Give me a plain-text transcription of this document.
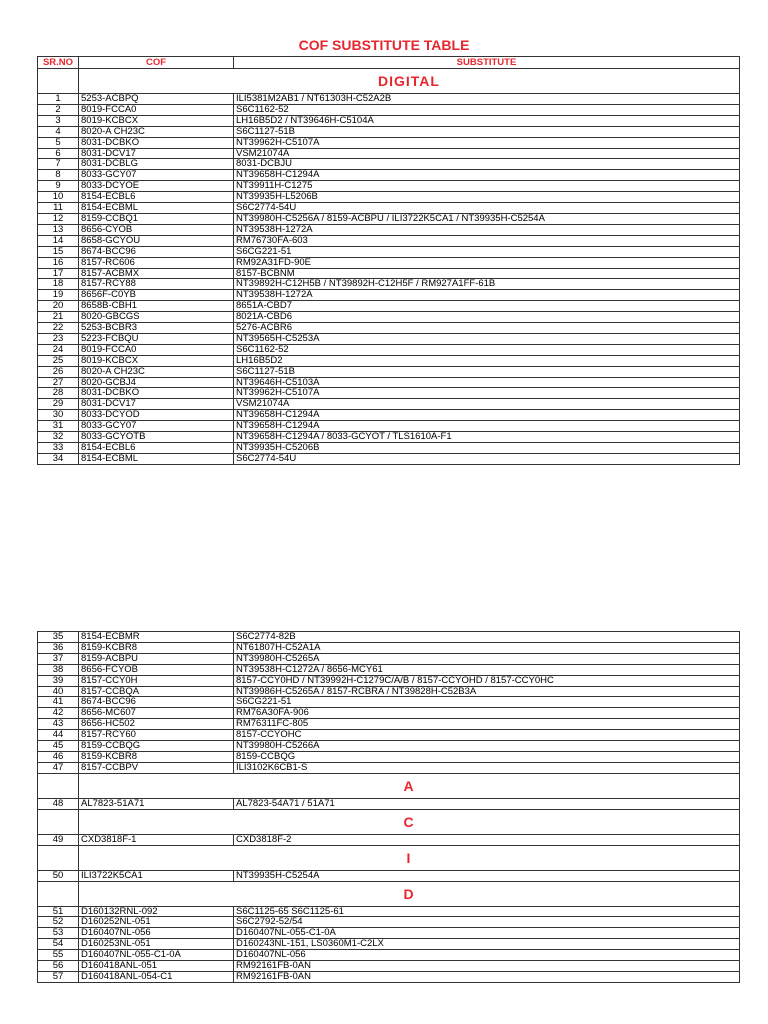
COF SUBSTITUTE TABLE
SR.NO	COF	SUBSTITUTE
	DIGITAL	
1	5253-ACBPQ	ILI5381M2AB1 / NT61303H-C52A2B
2	8019-FCCA0	S6C1162-52
3	8019-KCBCX	LH16B5D2 / NT39646H-C5104A
4	8020-A CH23C	S6C1127-51B
5	8031-DCBKO	NT39962H-C5107A
6	8031-DCV17	VSM21074A
7	8031-DCBLG	8031-DCBJU
8	8033-GCY07	NT39658H-C1294A
9	8033-DCYOE	NT39911H-C1275
10	8154-ECBL6	NT39935H-L5206B
11	8154-ECBML	S6C2774-54U
12	8159-CCBQ1	NT39980H-C5256A / 8159-ACBPU / ILI3722K5CA1 / NT39935H-C5254A
13	8656-CYOB	NT39538H-1272A
14	8658-GCYOU	RM76730FA-603
15	8674-BCC96	S6CG221-51
16	8157-RC606	RM92A31FD-90E
17	8157-ACBMX	8157-BCBNM
18	8157-RCY88	NT39892H-C12H5B / NT39892H-C12H5F / RM927A1FF-61B
19	8656F-C0YB	NT39538H-1272A
20	8658B-CBH1	8651A-CBD7
21	8020-GBCGS	8021A-CBD6
22	5253-BCBR3	5276-ACBR6
23	5223-FCBQU	NT39565H-C5253A
24	8019-FCCA0	S6C1162-52
25	8019-KCBCX	LH16B5D2
26	8020-A CH23C	S6C1127-51B
27	8020-GCBJ4	NT39646H-C5103A
28	8031-DCBKO	NT39962H-C5107A
29	8031-DCV17	VSM21074A
30	8033-DCYOD	NT39658H-C1294A
31	8033-GCY07	NT39658H-C1294A
32	8033-GCYOTB	NT39658H-C1294A / 8033-GCYOT / TLS1610A-F1
33	8154-ECBL6	NT39935H-C5206B
34	8154-ECBML	S6C2774-54U
35	8154-ECBMR	S6C2774-82B
36	8159-KCBR8	NT61807H-C52A1A
37	8159-ACBPU	NT39980H-C5265A
38	8656-FCYOB	NT39538H-C1272A / 8656-MCY61
39	8157-CCY0H	8157-CCY0HD / NT39992H-C1279C/A/B / 8157-CCYOHD / 8157-CCY0HC
40	8157-CCBQA	NT39986H-C5265A / 8157-RCBRA / NT39828H-C52B3A
41	8674-BCC96	S6CG221-51
42	8656-MC607	RM76A30FA-906
43	8656-HC502	RM76311FC-805
44	8157-RCY60	8157-CCYOHC
45	8159-CCBQG	NT39980H-C5266A
46	8159-KCBR8	8159-CCBQG
47	8157-CCBPV	ILI3102K6CB1-S
	A	
48	AL7823-51A71	AL7823-54A71 / 51A71
	C	
49	CXD3818F-1	CXD3818F-2
	I	
50	ILI3722K5CA1	NT39935H-C5254A
	D	
51	D160132RNL-092	S6C1125-65 S6C1125-61
52	D160252NL-051	S6C2792-52/54
53	D160407NL-056	D160407NL-055-C1-0A
54	D160253NL-051	D160243NL-151, LS0360M1-C2LX
55	D160407NL-055-C1-0A	D160407NL-056
56	D160418ANL-051	RM92161FB-0AN
57	D160418ANL-054-C1	RM92161FB-0AN
